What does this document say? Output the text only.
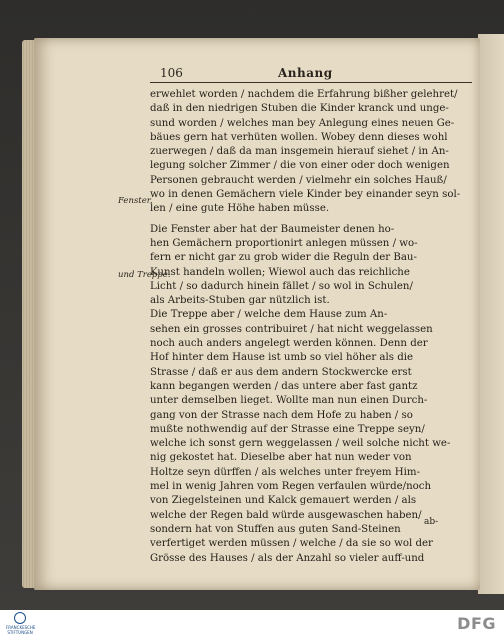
106	Anhang
Fenster.
und Treppe.
erwehlet worden / nachdem die Erfahrung bißher gelehret/
daß in den niedrigen Stuben die Kinder kranck und unge-
sund worden / welches man bey Anlegung eines neuen Ge-
bäues gern hat verhüten wollen. Wobey denn dieses wohl
zuerwegen / daß da man insgemein hierauf siehet / in An-
legung solcher Zimmer / die von einer oder doch wenigen
Personen gebraucht werden / vielmehr ein solches Hauß/
wo in denen Gemächern viele Kinder bey einander seyn sol-
len / eine gute Höhe haben müsse.
Die Fenster aber hat der Baumeister denen ho-
hen Gemächern proportionirt anlegen müssen / wo-
fern er nicht gar zu grob wider die Reguln der Bau-
Kunst handeln wollen; Wiewol auch das reichliche
Licht / so dadurch hinein fället / so wol in Schulen/
als Arbeits-Stuben gar nützlich ist.
Die Treppe aber / welche dem Hause zum An-
sehen ein grosses contribuiret / hat nicht weggelassen
noch auch anders angelegt werden können. Denn der
Hof hinter dem Hause ist umb so viel höher als die
Strasse / daß er aus dem andern Stockwercke erst
kann begangen werden / das untere aber fast gantz
unter demselben lieget. Wollte man nun einen Durch-
gang von der Strasse nach dem Hofe zu haben / so
mußte nothwendig auf der Strasse eine Treppe seyn/
welche ich sonst gern weggelassen / weil solche nicht we-
nig gekostet hat. Dieselbe aber hat nun weder von
Holtze seyn dürffen / als welches unter freyem Him-
mel in wenig Jahren vom Regen verfaulen würde/noch
von Ziegelsteinen und Kalck gemauert werden / als
welche der Regen bald würde ausgewaschen haben/
sondern hat von Stuffen aus guten Sand-Steinen
verfertiget werden müssen / welche / da sie so wol der
Grösse des Hauses / als der Anzahl so vieler auff-und
ab-
FRANCKESCHE STIFTUNGEN	DFG
